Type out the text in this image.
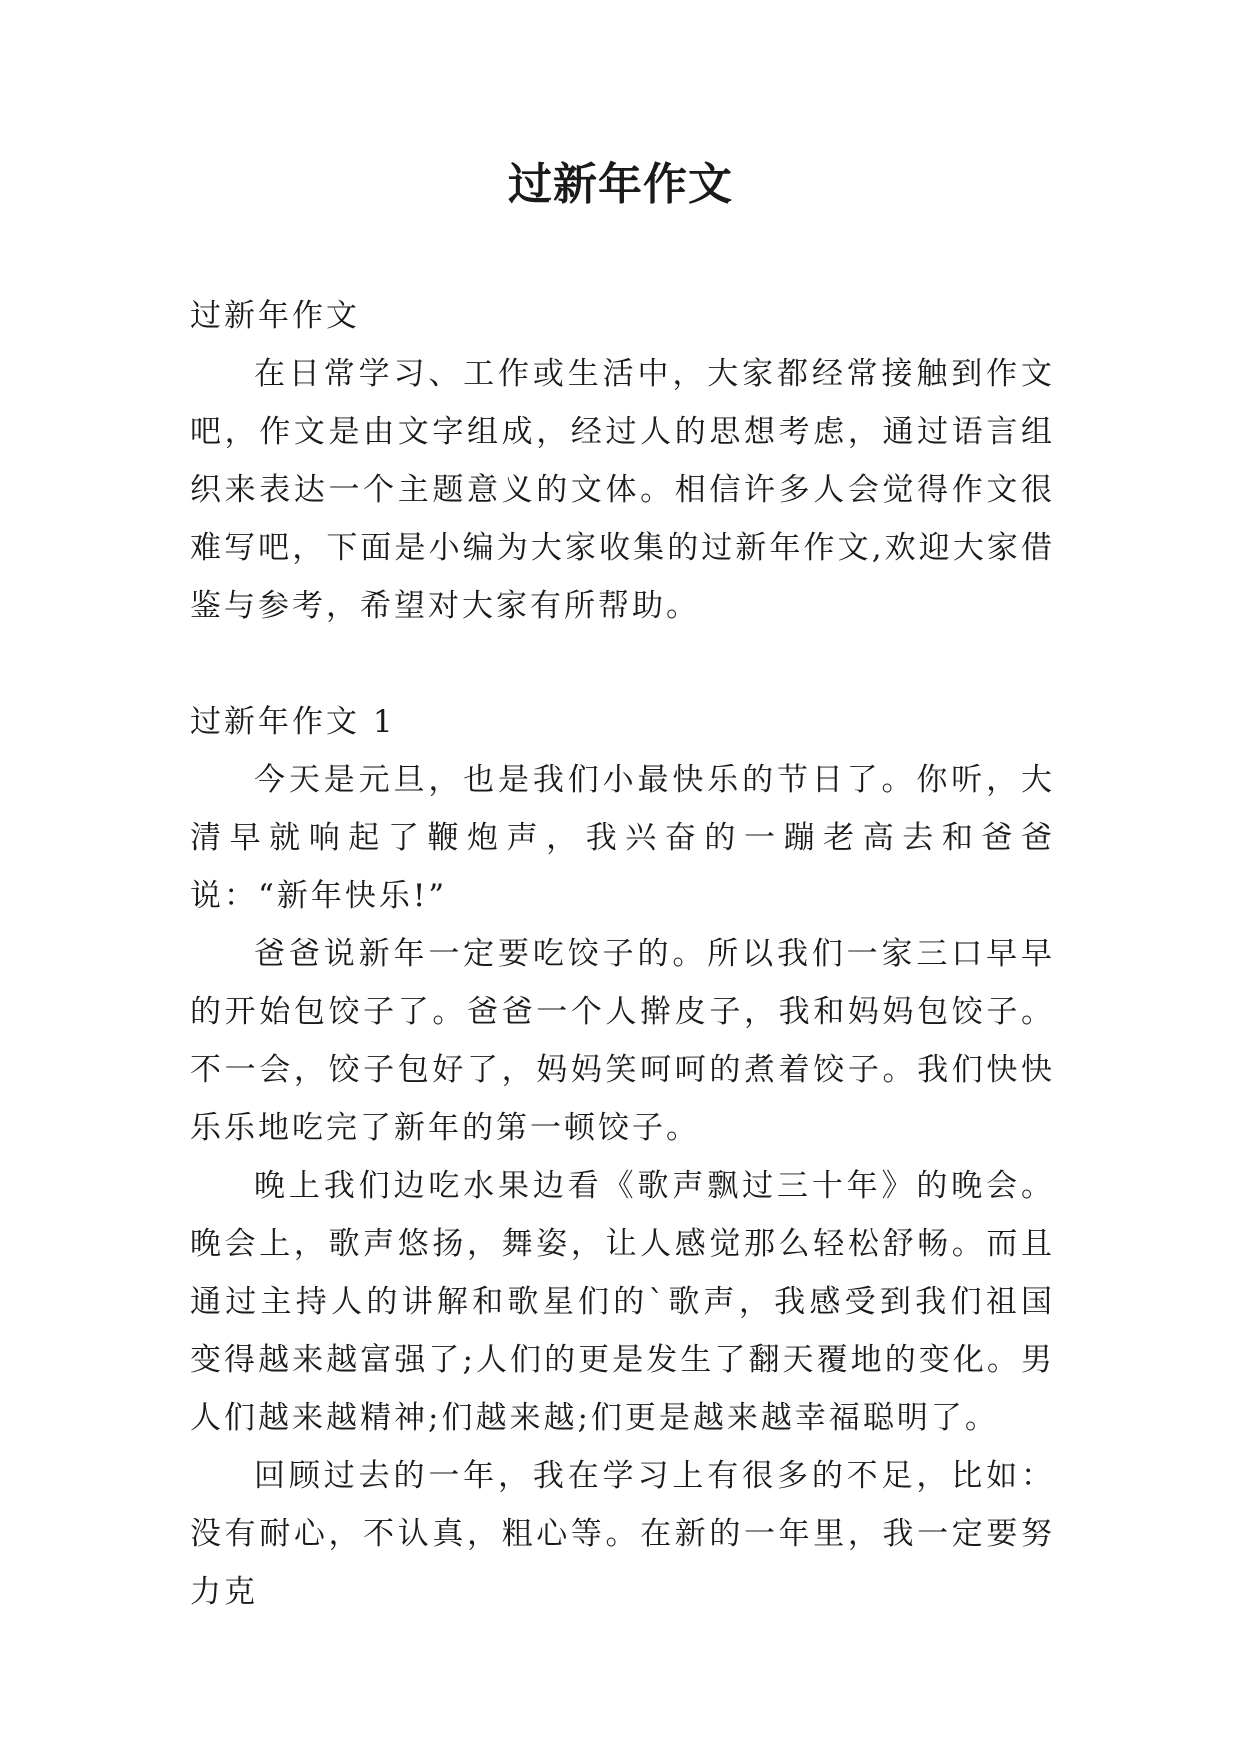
过新年作文

过新年作文

在日常学习、工作或生活中，大家都经常接触到作文吧，作文是由文字组成，经过人的思想考虑，通过语言组织来表达一个主题意义的文体。相信许多人会觉得作文很难写吧，下面是小编为大家收集的过新年作文,欢迎大家借鉴与参考，希望对大家有所帮助。

过新年作文 1

今天是元旦，也是我们小最快乐的节日了。你听，大清早就响起了鞭炮声，我兴奋的一蹦老高去和爸爸说：“新年快乐!”

爸爸说新年一定要吃饺子的。所以我们一家三口早早的开始包饺子了。爸爸一个人擀皮子，我和妈妈包饺子。不一会，饺子包好了，妈妈笑呵呵的煮着饺子。我们快快乐乐地吃完了新年的第一顿饺子。

晚上我们边吃水果边看《歌声飘过三十年》的晚会。晚会上，歌声悠扬，舞姿，让人感觉那么轻松舒畅。而且通过主持人的讲解和歌星们的`歌声，我感受到我们祖国变得越来越富强了;人们的更是发生了翻天覆地的变化。男人们越来越精神;们越来越;们更是越来越幸福聪明了。

回顾过去的一年，我在学习上有很多的不足，比如：没有耐心，不认真，粗心等。在新的一年里，我一定要努力克
